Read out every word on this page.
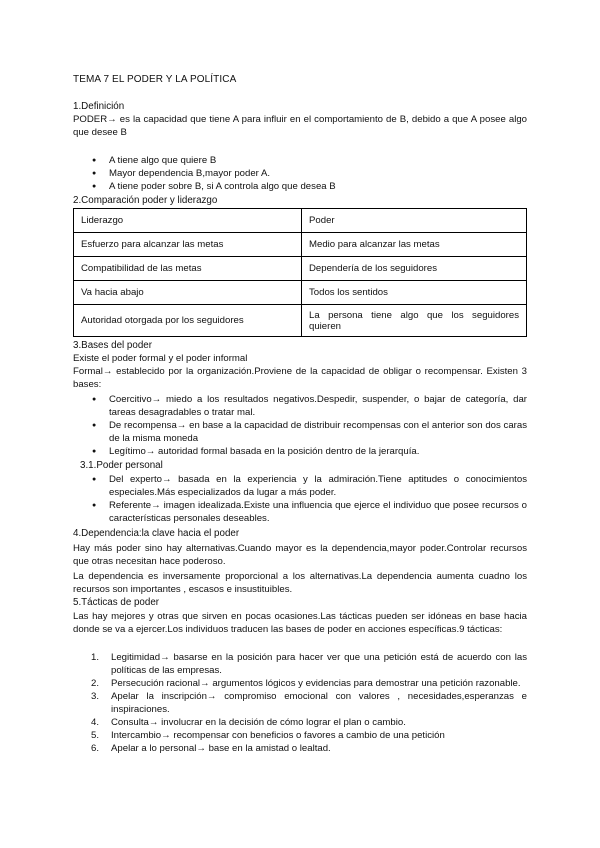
TEMA 7 EL PODER Y LA POLÍTICA
1.Definición
PODER→ es la capacidad que tiene A para influir en el comportamiento de B, debido a que A posee algo que desee B
● A tiene algo que quiere B
● Mayor dependencia B,mayor poder A.
● A tiene poder sobre B, si A controla algo que desea B
2.Comparación poder y liderazgo
Liderazgo	Poder
Esfuerzo para alcanzar las metas	Medio para alcanzar las metas
Compatibilidad de las metas	Dependería de los seguidores
Va hacia abajo	Todos los sentidos
Autoridad otorgada por los seguidores	La persona tiene algo que los seguidores quieren
3.Bases del poder
Existe el poder formal y el poder informal
Formal→ establecido por la organización.Proviene de la capacidad de obligar o recompensar. Existen 3 bases:
● Coercitivo→ miedo a los resultados negativos.Despedir, suspender, o bajar de categoría, dar tareas desagradables o tratar mal.
● De recompensa→ en base a la capacidad de distribuir recompensas con el anterior son dos caras de la misma moneda
● Legítimo→ autoridad formal basada en la posición dentro de la jerarquía.
3.1.Poder personal
● Del experto→ basada en la experiencia y la admiración.Tiene aptitudes o conocimientos especiales.Más especializados da lugar a más poder.
● Referente→ imagen idealizada.Existe una influencia que ejerce el individuo que posee recursos o características personales deseables.
4.Dependencia:la clave hacia el poder
Hay más poder sino hay alternativas.Cuando mayor es la dependencia,mayor poder.Controlar recursos que otras necesitan hace poderoso.
La dependencia es inversamente proporcional a los alternativas.La dependencia aumenta cuadno los recursos son importantes , escasos e insustituibles.
5.Tácticas de poder
Las hay mejores y otras que sirven en pocas ocasiones.Las tácticas pueden ser idóneas en base hacia donde se va a ejercer.Los individuos traducen las bases de poder en acciones específicas.9 tácticas:
1. Legitimidad→ basarse en la posición para hacer ver que una petición está de acuerdo con las políticas de las empresas.
2. Persecución racional→ argumentos lógicos y evidencias para demostrar una petición razonable.
3. Apelar la inscripción→ compromiso emocional con valores , necesidades,esperanzas e inspiraciones.
4. Consulta→ involucrar en la decisión de cómo lograr el plan o cambio.
5. Intercambio→ recompensar con beneficios o favores a cambio de una petición
6. Apelar a lo personal→ base en la amistad o lealtad.
